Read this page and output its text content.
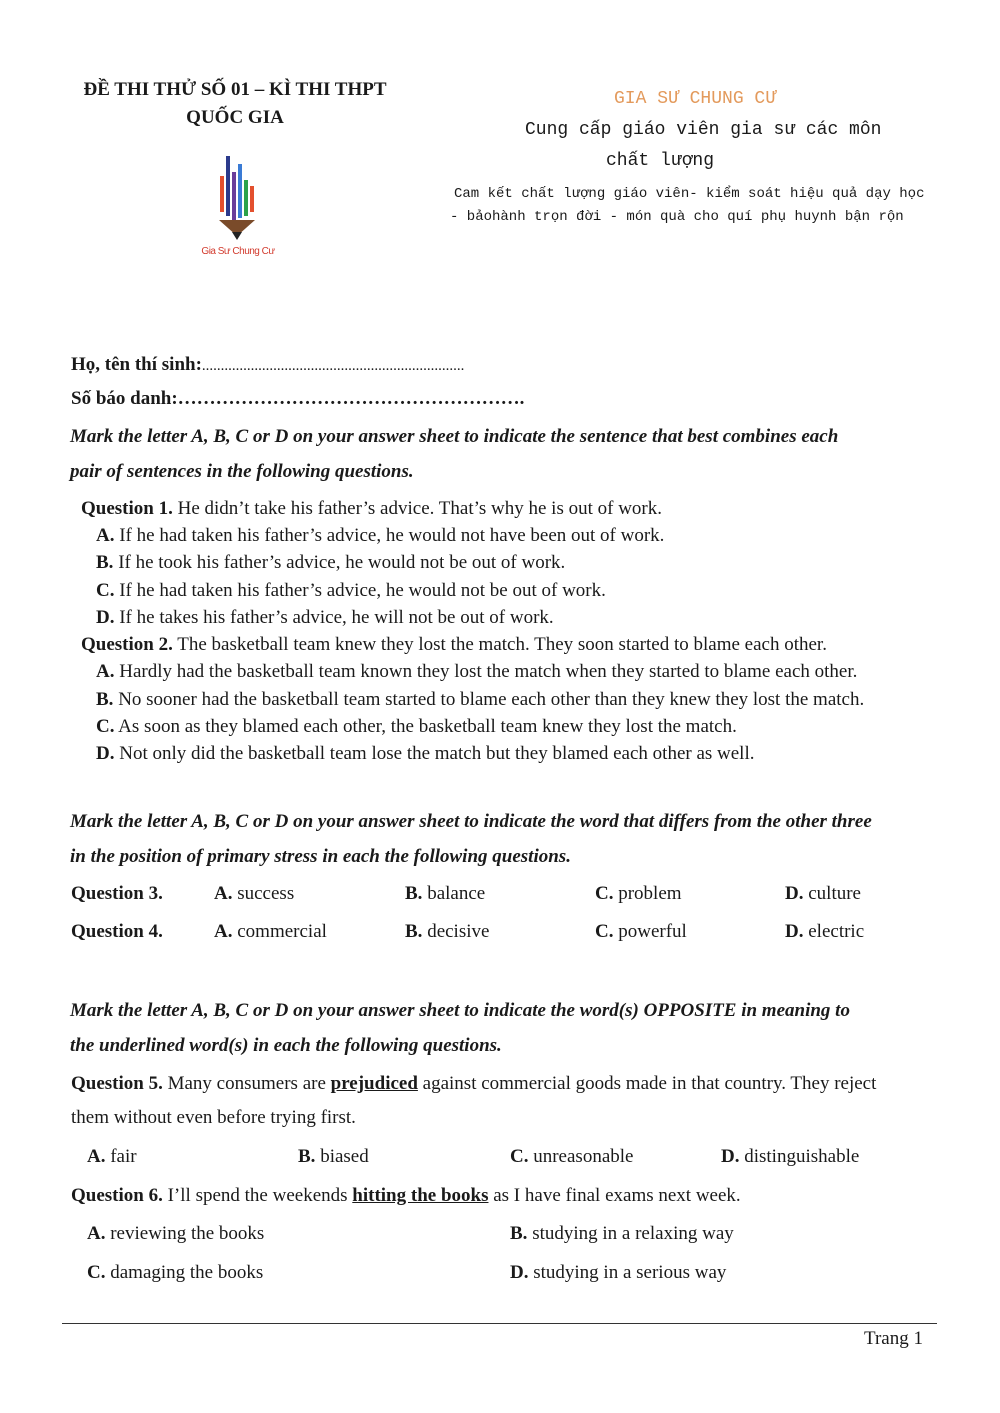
ĐỀ THI THỬ SỐ 01 – KÌ THI THPT
QUỐC GIA
Gia Sư Chung Cư
GIA SƯ CHUNG CƯ
Cung cấp giáo viên gia sư các môn
chất lượng
Cam kết chất lượng giáo viên- kiểm soát hiệu quả dạy học
- bảohành trọn đời - món quà cho quí phụ huynh bận rộn
Họ, tên thí sinh:......................................................................
Số báo danh:……………………………………………….
Mark the letter A, B, C or D on your answer sheet to indicate the sentence that best combines each
pair of sentences in the following questions.
Question 1. He didn’t take his father’s advice. That’s why he is out of work.
A. If he had taken his father’s advice, he would not have been out of work.
B. If he took his father’s advice, he would not be out of work.
C. If he had taken his father’s advice, he would not be out of work.
D. If he takes his father’s advice, he will not be out of work.
Question 2. The basketball team knew they lost the match. They soon started to blame each other.
A. Hardly had the basketball team known they lost the match when they started to blame each other.
B. No sooner had the basketball team started to blame each other than they knew they lost the match.
C. As soon as they blamed each other, the basketball team knew they lost the match.
D. Not only did the basketball team lose the match but they blamed each other as well.
Mark the letter A, B, C or D on your answer sheet to indicate the word that differs from the other three
in the position of primary stress in each the following questions.
Question 3.	A. success	B. balance	C. problem	D. culture
Question 4.	A. commercial	B. decisive	C. powerful	D. electric
Mark the letter A, B, C or D on your answer sheet to indicate the word(s) OPPOSITE in meaning to
the underlined word(s) in each the following questions.
Question 5. Many consumers are prejudiced against commercial goods made in that country. They reject
them without even before trying first.
A. fair	B. biased	C. unreasonable	D. distinguishable
Question 6. I’ll spend the weekends hitting the books as I have final exams next week.
A. reviewing the books	B. studying in a relaxing way
C. damaging the books	D. studying in a serious way
Trang 1
